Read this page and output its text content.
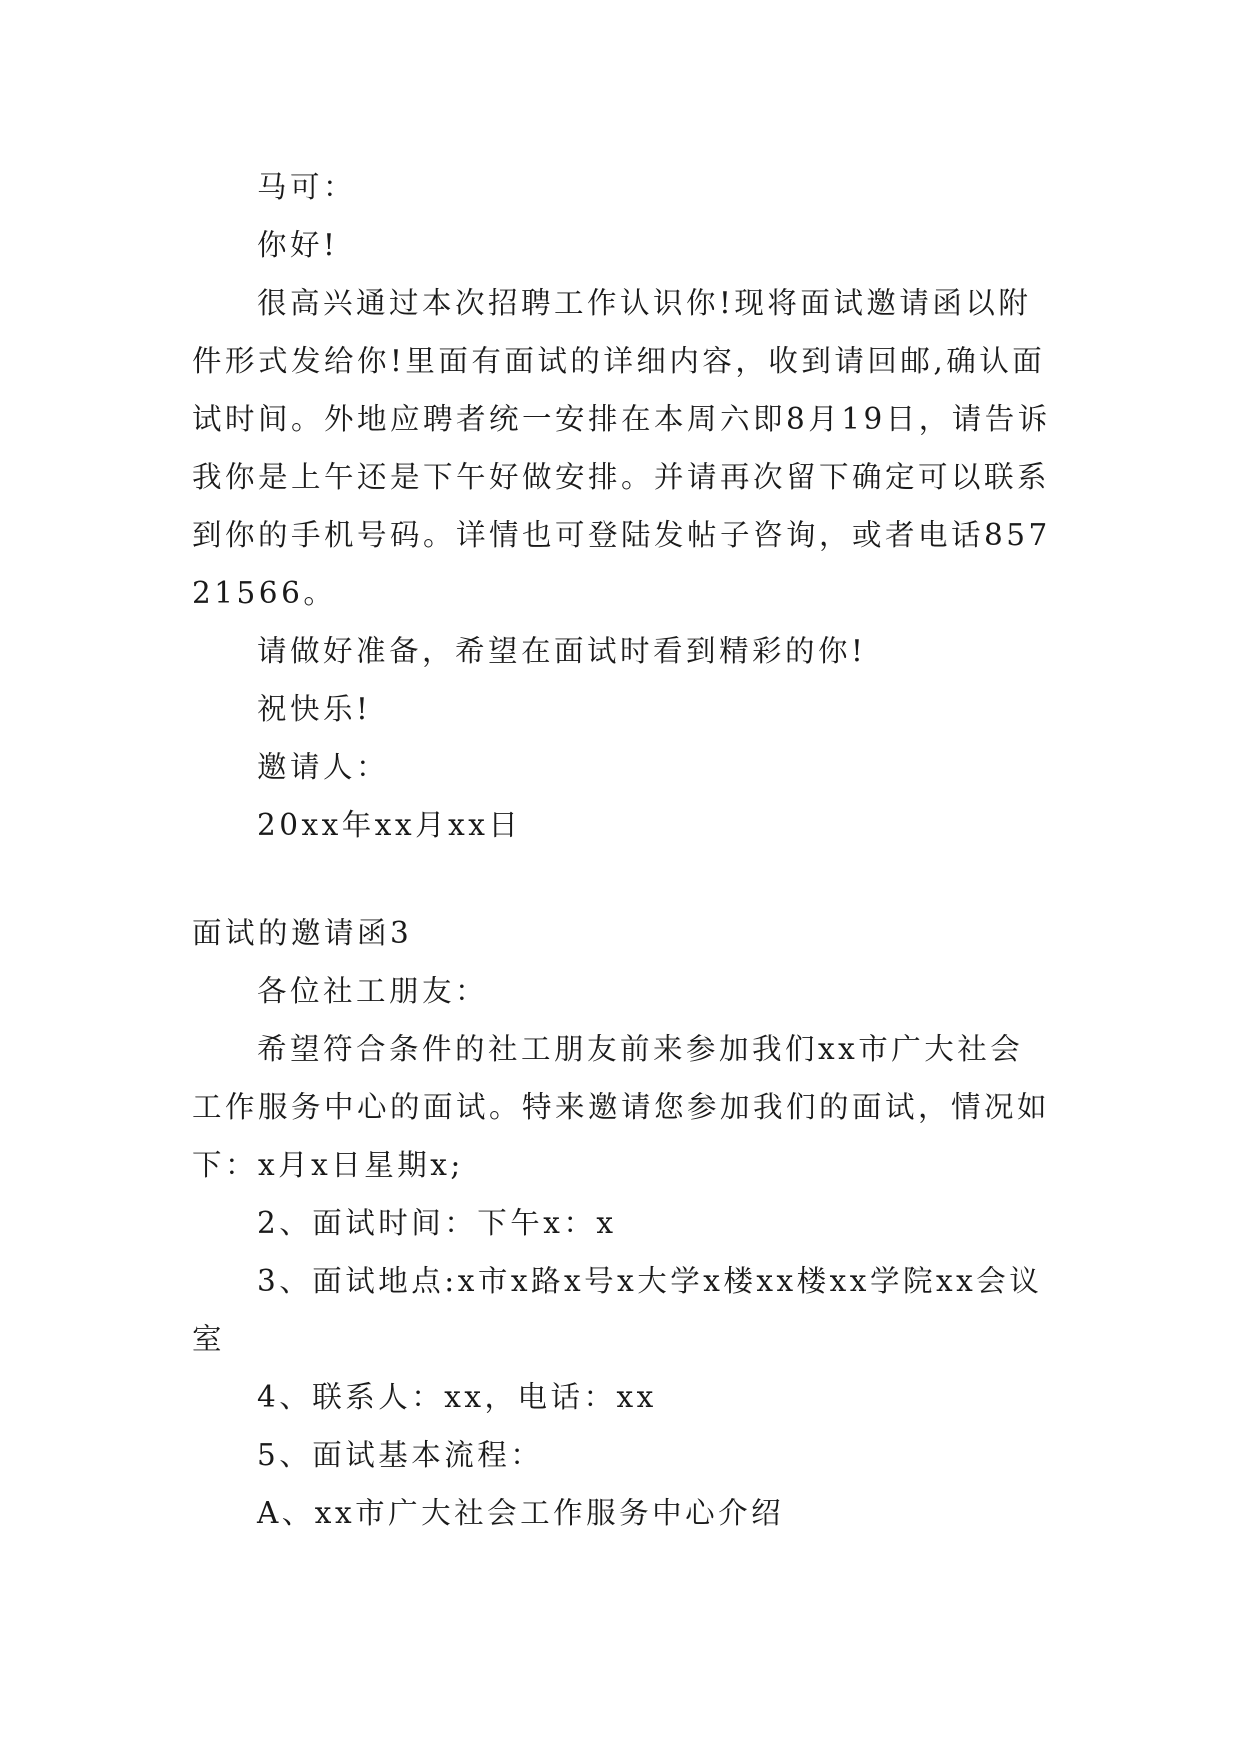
马可：

你好!

很高兴通过本次招聘工作认识你!现将面试邀请函以附件形式发给你!里面有面试的详细内容，收到请回邮,确认面试时间。外地应聘者统一安排在本周六即8月19日，请告诉我你是上午还是下午好做安排。并请再次留下确定可以联系到你的手机号码。详情也可登陆发帖子咨询，或者电话85721566。

请做好准备，希望在面试时看到精彩的你!

祝快乐!

邀请人：

20xx年xx月xx日

面试的邀请函3

各位社工朋友：

希望符合条件的社工朋友前来参加我们xx市广大社会工作服务中心的面试。特来邀请您参加我们的面试，情况如下：x月x日星期x;

2、面试时间：下午x：x

3、面试地点:x市x路x号x大学x楼xx楼xx学院xx会议室

4、联系人：xx，电话：xx

5、面试基本流程：

A、xx市广大社会工作服务中心介绍
